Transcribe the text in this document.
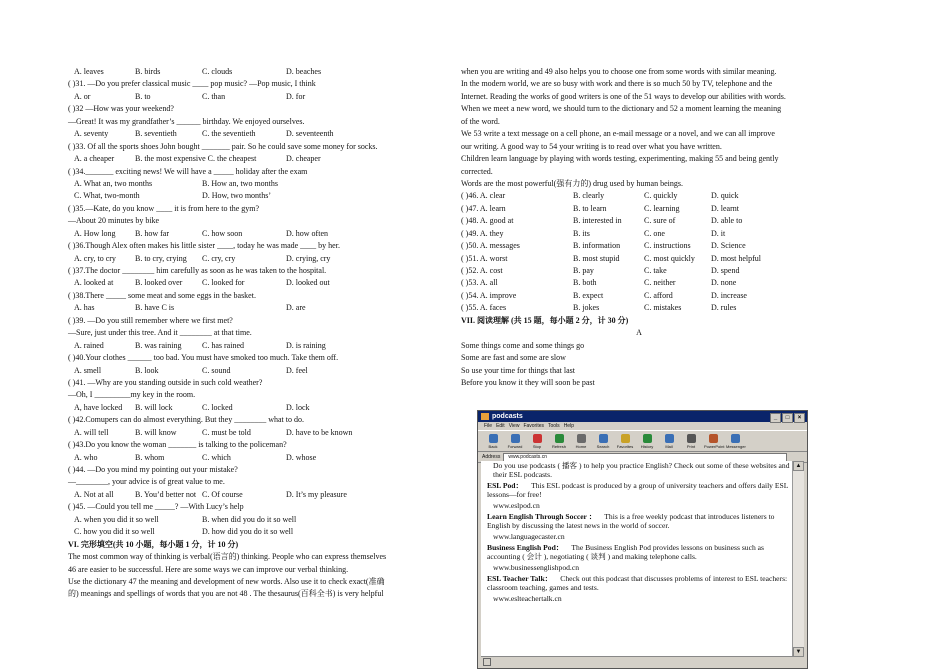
A. leaves	B. birds	C. clouds	D. beaches
( )31. —Do you prefer classical music ____ pop music? —Pop music, I think
A. or	B. to	C. than	D. for
( )32 —How was your weekend?
—Great! It was my grandfather’s ______ birthday. We enjoyed ourselves.
A. seventy	B. seventieth	C. the seventieth	D. seventeenth
( )33. Of all the sports shoes John bought _______ pair. So he could save some money for socks.
A. a cheaper	B. the most expensive C. the cheapest	D. cheaper
( )34._______ exciting news! We will have a _____ holiday after the exam
A. What an, two months	B. How an, two months
C. What, two-month	D. How, two months’
( )35.—Kate, do you know ____ it is from here to the gym?
—About 20 minutes by bike
A. How long B. how far	C. how soon	D. how often
( )36.Though Alex often makes his little sister ____, today he was made ____ by her.
A. cry, to cry B. to cry, crying C. cry, cry	D. crying, cry
( )37.The doctor ________ him carefully as soon as he was taken to the hospital.
A. looked at	B. looked over C. looked for	D. looked out
( )38.There _____ some meat and some eggs in the basket.
A. has	B. have C is	D. are
( )39. —Do you still remember where we first met?
—Sure, just under this tree. And it ________ at that time.
A. rained	B. was raining	C. has rained	D. is raining
( )40.Your clothes ______ too bad. You must have smoked too much. Take them off.
A. smell	B. look	C. sound	D. feel
( )41. —Why are you standing outside in such cold weather?
—Oh, I _________my key in the room.
A, have locked B. will lock	C. locked	D. lock
( )42.Comupers can do almost everything. But they ________ what to do.
A. will tell	B. will know	C. must be told	D. have to be known
( )43.Do you know the woman _______ is talking to the policeman?
A. who	B. whom	C. which	D. whose
( )44. —Do you mind my pointing out your mistake?
—________, your advice is of great value to me.
A. Not at all	B. You’d better not C. Of course	D. It’s my pleasure
( )45. —Could you tell me _____? —With Lucy’s help
A. when you did it so well	B. when did you do it so well
C. how you did it so well	D. how did you do it so well
VI. 完形填空(共 10 小题，每小题 1 分，计 10 分)
The most common way of thinking is verbal(语言的) thinking. People who can express themselves
46 are easier to be successful. Here are some ways we can improve our verbal thinking.
Use the dictionary 47 the meaning and development of new words. Also use it to check exact(准确
的) meanings and spellings of words that you are not 48 . The thesaurus(百科全书) is very helpful
when you are writing and 49 also helps you to choose one from some words with similar meaning.
In the modern world, we are so busy with work and there is so much 50 by TV, telephone and the
Internet. Reading the works of good writers is one of the 51 ways to develop our abilities with words.
When we meet a new word, we should turn to the dictionary and 52 a moment learning the meaning
of the word.
We 53 write a text message on a cell phone, an e-mail message or a novel, and we can all improve
our writing. A good way to 54 your writing is to read over what you have written.
Children learn language by playing with words testing, experimenting, making 55 and being gently
corrected.
Words are the most powerful(强有力的) drug used by human beings.
( )46. A. clear	B. clearly	C. quickly	D. quick
( )47. A. learn	B. to learn	C. learning	D. learnt
( )48. A. good at	B. interested in	C. sure of	D. able to
( )49. A. they	B. its	C. one	D. it
( )50. A. messages	B. information	C. instructions	D. Science
( )51. A. worst	B. most stupid	C. most quickly D. most helpful
( )52. A. cost	B. pay	C. take	D. spend
( )53. A. all	B. both	C. neither	D. none
( )54. A. improve	B. expect	C. afford	D. increase
( )55. A. faces	B. jokes	C. mistakes	D. rules
VII. 阅读理解 (共 15 题，每小题 2 分，计 30 分)
A
Some things come and some things go
Some are fast and some are slow
So use your time for things that last
Before you know it they will soon be past
podcasts	_ □ ×
File Edit View Favorites Tools Help
Back	Forward	Stop	Refresh	Home	Search	Favorites	History	Mail	Print	PowerPoint Messenger
Address	www.podcasts.cn

Do you use podcasts ( 播客 ) to help you practice English? Check out some of these websites and their ESL podcasts.

ESL Pod： This ESL podcast is produced by a group of university teachers and offers daily ESL lessons—for free!

www.eslpod.cn

Learn English Through Soccer ： This is a free weekly podcast that introduces listeners to English by discussing the latest news in the world of soccer.

www.languagecaster.cn

Business English Pod： The Business English Pod provides lessons on business such as accounting ( 会计 ), negotiating ( 谈判 ) and making telephone calls.

www.businessenglishpod.cn

ESL Teacher Talk： Check out this podcast that discusses problems of interest to ESL teachers: classroom teaching, games and tests.

www.eslteachertalk.cn

▲
▼
